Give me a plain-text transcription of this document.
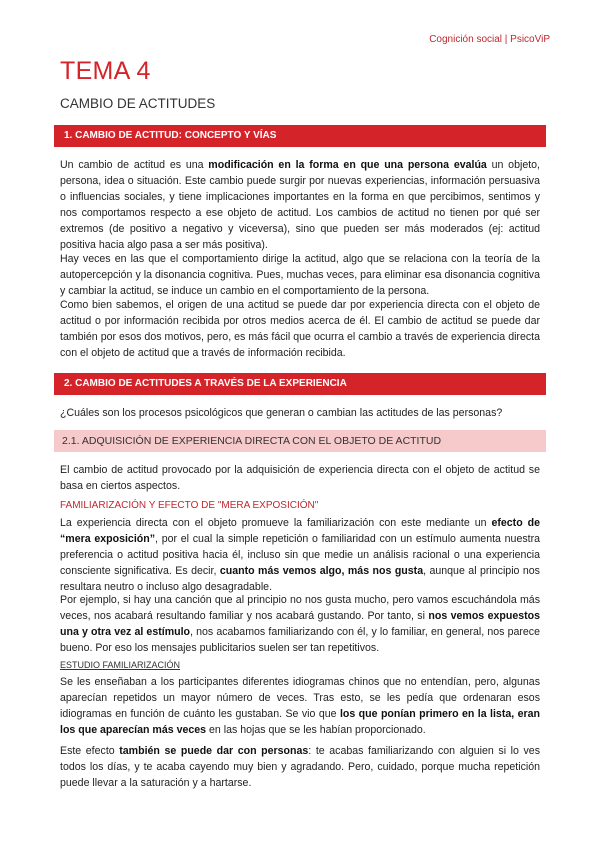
Cognición social | PsicoViP
TEMA 4
CAMBIO DE ACTITUDES
1. CAMBIO DE ACTITUD: CONCEPTO Y VÍAS
Un cambio de actitud es una modificación en la forma en que una persona evalúa un objeto, persona, idea o situación. Este cambio puede surgir por nuevas experiencias, información persuasiva o influencias sociales, y tiene implicaciones importantes en la forma en que percibimos, sentimos y nos comportamos respecto a ese objeto de actitud. Los cambios de actitud no tienen por qué ser extremos (de positivo a negativo y viceversa), sino que pueden ser más moderados (ej: actitud positiva hacia algo pasa a ser más positiva).
Hay veces en las que el comportamiento dirige la actitud, algo que se relaciona con la teoría de la autopercepción y la disonancia cognitiva. Pues, muchas veces, para eliminar esa disonancia cognitiva y cambiar la actitud, se induce un cambio en el comportamiento de la persona.
Como bien sabemos, el origen de una actitud se puede dar por experiencia directa con el objeto de actitud o por información recibida por otros medios acerca de él. El cambio de actitud se puede dar también por esos dos motivos, pero, es más fácil que ocurra el cambio a través de experiencia directa con el objeto de actitud que a través de información recibida.
2. CAMBIO DE ACTITUDES A TRAVÉS DE LA EXPERIENCIA
¿Cuáles son los procesos psicológicos que generan o cambian las actitudes de las personas?
2.1. ADQUISICIÓN DE EXPERIENCIA DIRECTA CON EL OBJETO DE ACTITUD
El cambio de actitud provocado por la adquisición de experiencia directa con el objeto de actitud se basa en ciertos aspectos.
FAMILIARIZACIÓN Y EFECTO DE "MERA EXPOSICIÓN"
La experiencia directa con el objeto promueve la familiarización con este mediante un efecto de “mera exposición”, por el cual la simple repetición o familiaridad con un estímulo aumenta nuestra preferencia o actitud positiva hacia él, incluso sin que medie un análisis racional o una experiencia consciente significativa. Es decir, cuanto más vemos algo, más nos gusta, aunque al principio nos resultara neutro o incluso algo desagradable.
Por ejemplo, si hay una canción que al principio no nos gusta mucho, pero vamos escuchándola más veces, nos acabará resultando familiar y nos acabará gustando. Por tanto, si nos vemos expuestos una y otra vez al estímulo, nos acabamos familiarizando con él, y lo familiar, en general, nos parece bueno. Por eso los mensajes publicitarios suelen ser tan repetitivos.
ESTUDIO FAMILIARIZACIÓN
Se les enseñaban a los participantes diferentes idiogramas chinos que no entendían, pero, algunas aparecían repetidos un mayor número de veces. Tras esto, se les pedía que ordenaran esos idiogramas en función de cuánto les gustaban. Se vio que los que ponían primero en la lista, eran los que aparecían más veces en las hojas que se les habían proporcionado.
Este efecto también se puede dar con personas: te acabas familiarizando con alguien si lo ves todos los días, y te acaba cayendo muy bien y agradando. Pero, cuidado, porque mucha repetición puede llevar a la saturación y a hartarse.
